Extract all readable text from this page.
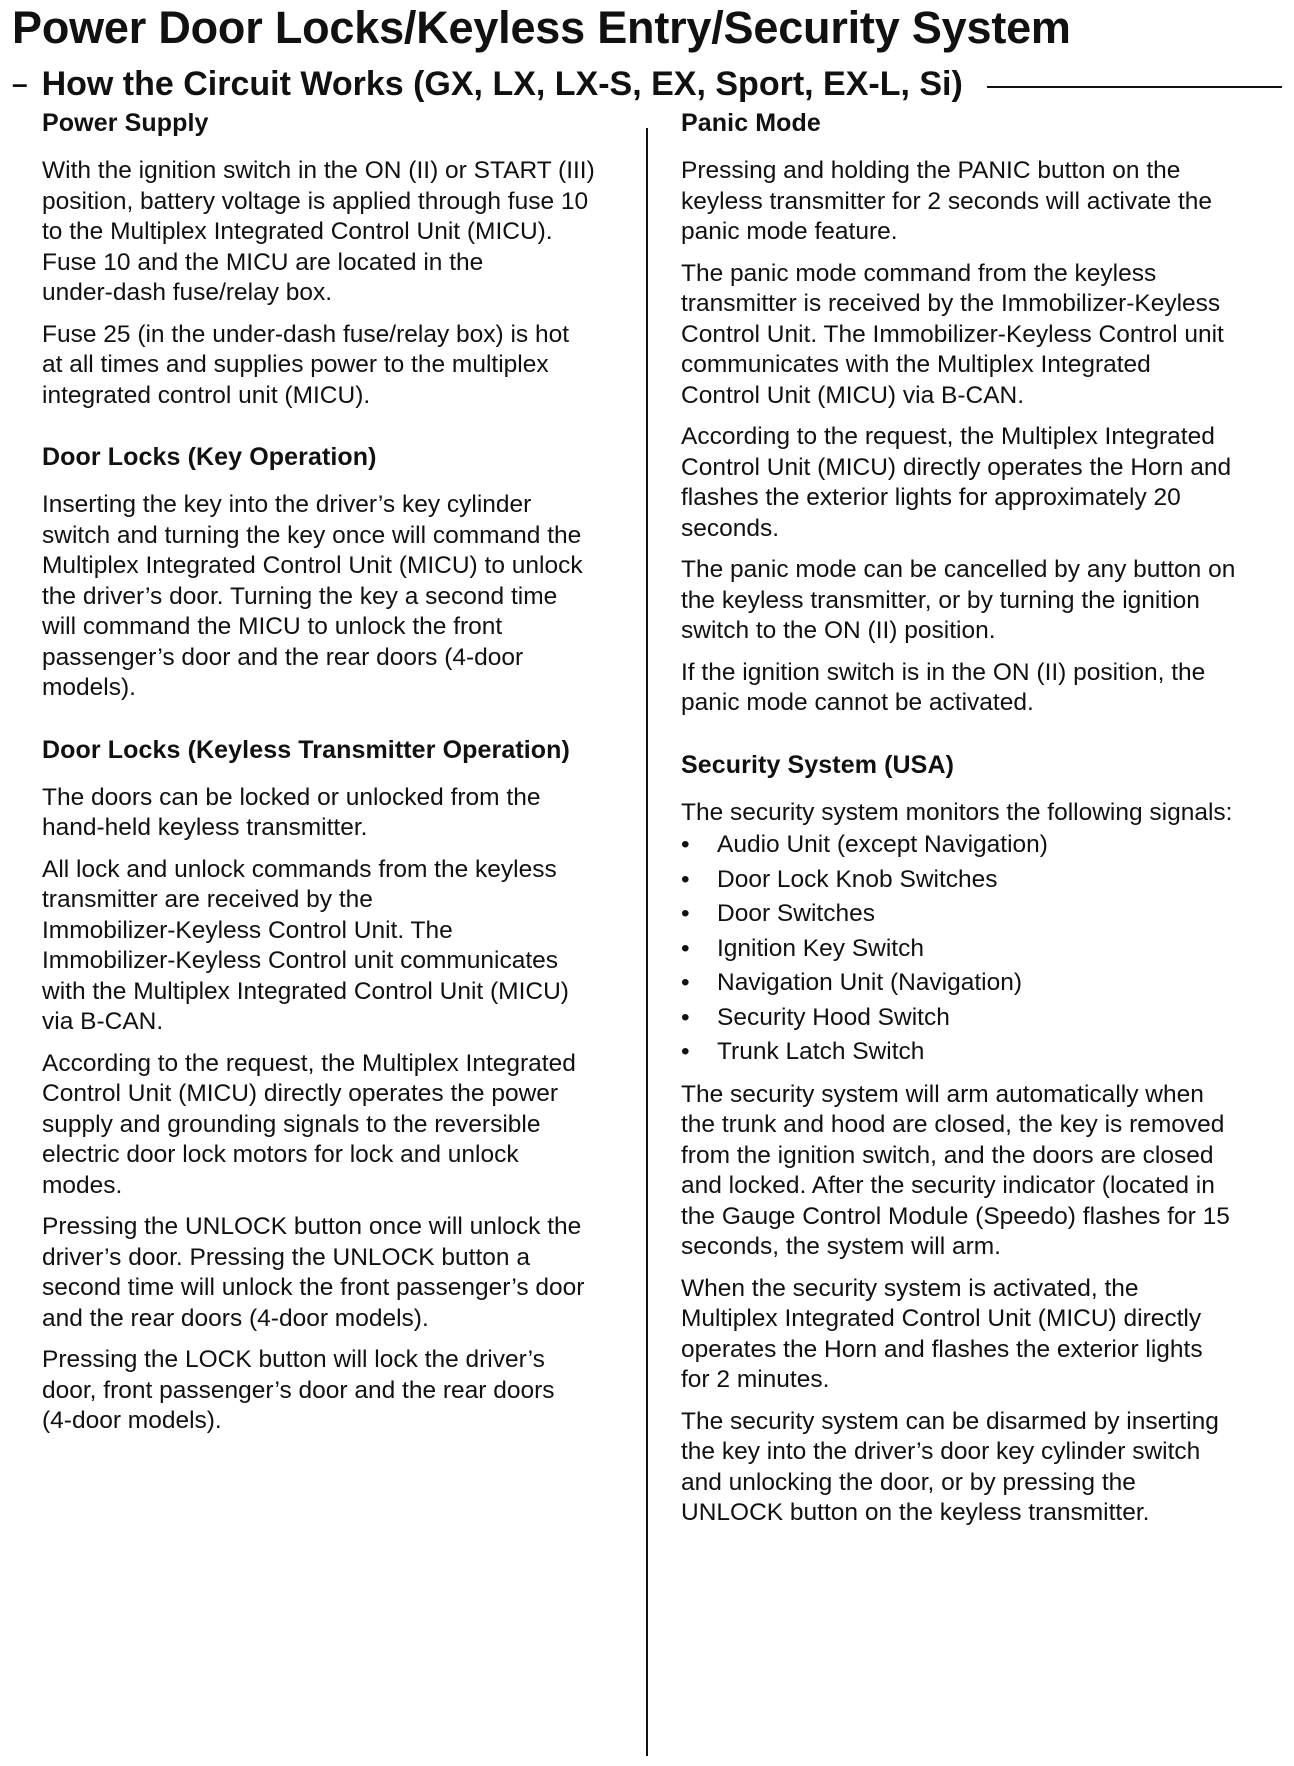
Power Door Locks/Keyless Entry/Security System
– How the Circuit Works (GX, LX, LX-S, EX, Sport, EX-L, Si)
Power Supply

With the ignition switch in the ON (II) or START (III)
position, battery voltage is applied through fuse 10
to the Multiplex Integrated Control Unit (MICU).
Fuse 10 and the MICU are located in the
under-dash fuse/relay box.

Fuse 25 (in the under-dash fuse/relay box) is hot
at all times and supplies power to the multiplex
integrated control unit (MICU).

Door Locks (Key Operation)

Inserting the key into the driver’s key cylinder
switch and turning the key once will command the
Multiplex Integrated Control Unit (MICU) to unlock
the driver’s door. Turning the key a second time
will command the MICU to unlock the front
passenger’s door and the rear doors (4-door
models).

Door Locks (Keyless Transmitter Operation)

The doors can be locked or unlocked from the
hand-held keyless transmitter.

All lock and unlock commands from the keyless
transmitter are received by the
Immobilizer-Keyless Control Unit. The
Immobilizer-Keyless Control unit communicates
with the Multiplex Integrated Control Unit (MICU)
via B-CAN.

According to the request, the Multiplex Integrated
Control Unit (MICU) directly operates the power
supply and grounding signals to the reversible
electric door lock motors for lock and unlock
modes.

Pressing the UNLOCK button once will unlock the
driver’s door. Pressing the UNLOCK button a
second time will unlock the front passenger’s door
and the rear doors (4-door models).

Pressing the LOCK button will lock the driver’s
door, front passenger’s door and the rear doors
(4-door models).

Panic Mode

Pressing and holding the PANIC button on the
keyless transmitter for 2 seconds will activate the
panic mode feature.

The panic mode command from the keyless
transmitter is received by the Immobilizer-Keyless
Control Unit. The Immobilizer-Keyless Control unit
communicates with the Multiplex Integrated
Control Unit (MICU) via B-CAN.

According to the request, the Multiplex Integrated
Control Unit (MICU) directly operates the Horn and
flashes the exterior lights for approximately 20
seconds.

The panic mode can be cancelled by any button on
the keyless transmitter, or by turning the ignition
switch to the ON (II) position.

If the ignition switch is in the ON (II) position, the
panic mode cannot be activated.

Security System (USA)

The security system monitors the following signals:

•	Audio Unit (except Navigation)
•	Door Lock Knob Switches
•	Door Switches
•	Ignition Key Switch
•	Navigation Unit (Navigation)
•	Security Hood Switch
•	Trunk Latch Switch

The security system will arm automatically when
the trunk and hood are closed, the key is removed
from the ignition switch, and the doors are closed
and locked. After the security indicator (located in
the Gauge Control Module (Speedo) flashes for 15
seconds, the system will arm.

When the security system is activated, the
Multiplex Integrated Control Unit (MICU) directly
operates the Horn and flashes the exterior lights
for 2 minutes.

The security system can be disarmed by inserting
the key into the driver’s door key cylinder switch
and unlocking the door, or by pressing the
UNLOCK button on the keyless transmitter.
